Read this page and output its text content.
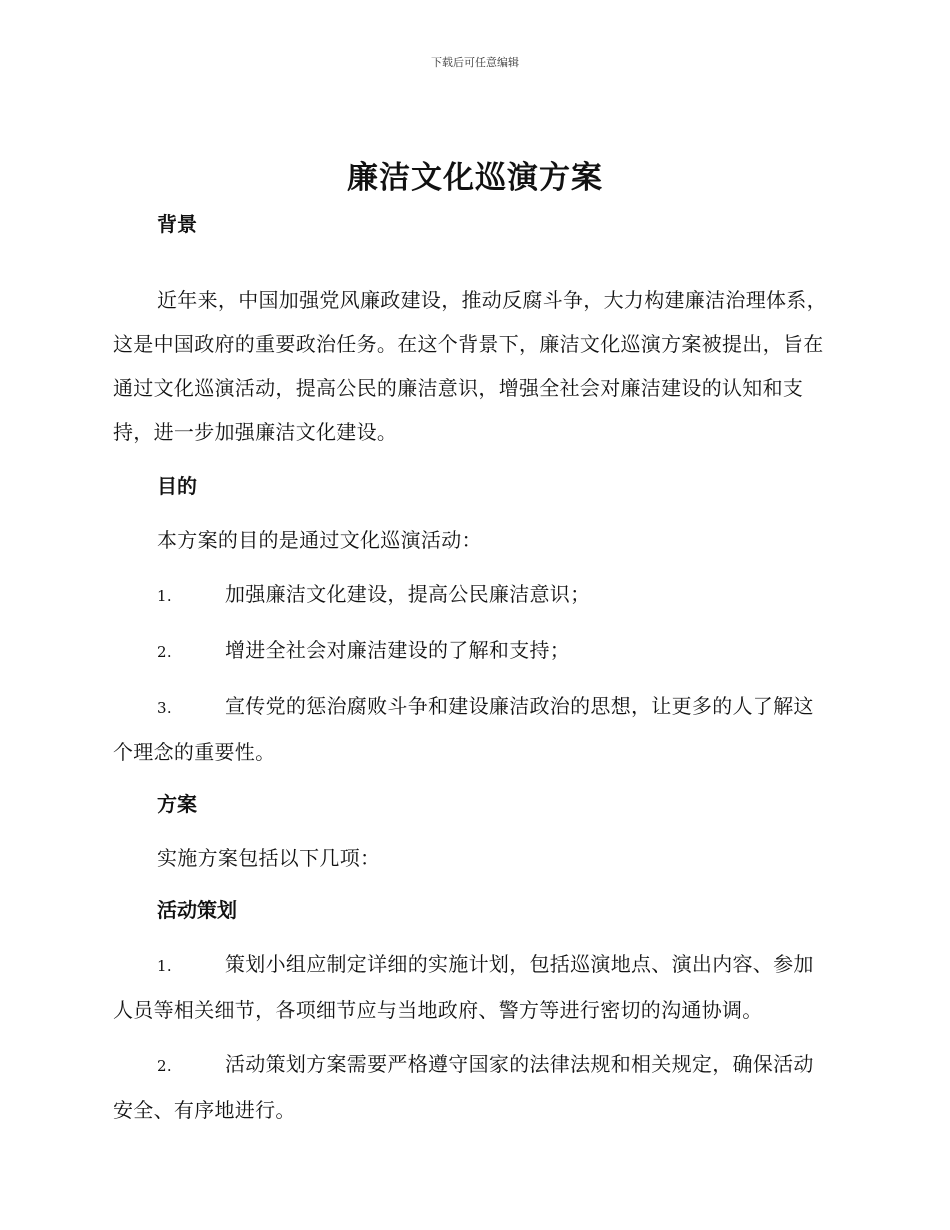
下载后可任意编辑
廉洁文化巡演方案
背景

近年来，中国加强党风廉政建设，推动反腐斗争，大力构建廉洁治理体系，这是中国政府的重要政治任务。在这个背景下，廉洁文化巡演方案被提出，旨在通过文化巡演活动，提高公民的廉洁意识，增强全社会对廉洁建设的认知和支持，进一步加强廉洁文化建设。

目的

本方案的目的是通过文化巡演活动：

1.	加强廉洁文化建设，提高公民廉洁意识；
2.	增进全社会对廉洁建设的了解和支持；
3.	宣传党的惩治腐败斗争和建设廉洁政治的思想，让更多的人了解这个理念的重要性。
方案

实施方案包括以下几项：

活动策划
1.	策划小组应制定详细的实施计划，包括巡演地点、演出内容、参加人员等相关细节，各项细节应与当地政府、警方等进行密切的沟通协调。
2.	活动策划方案需要严格遵守国家的法律法规和相关规定，确保活动安全、有序地进行。
